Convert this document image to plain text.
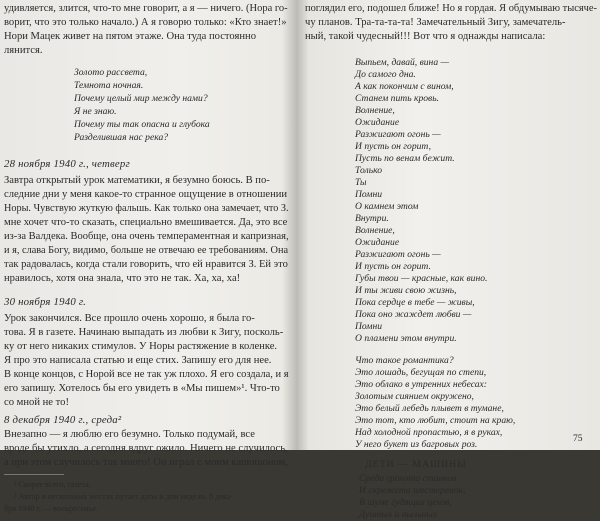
удивляется, злится, что-то мне говорит, а я — ничего. (Нора го-
ворит, что это только начало.) А я говорю только: «Кто знает!»
Нори Мацек живет на пятом этаже. Она туда постоянно
лянится.
Золото рассвета,
Темнота ночная.
Почему целый мир между нами?
Я не знаю.
Почему ты так опасна и глубока
Разделившая нас река?
28 ноября 1940 г., четверг
Завтра открытый урок математики, я безумно боюсь. В по-
следние дни у меня какое-то странное ощущение в отношении
Норы. Чувствую жуткую фальшь. Как только она замечает, что З.
мне хочет что-то сказать, специально вмешивается. Да, это все
из-за Валдека. Вообще, она очень темпераментная и капризная,
и я, слава Богу, видимо, больше не отвечаю ее требованиям. Она
так радовалась, когда стали говорить, что ей нравится З. Ей это
нравилось, хотя она знала, что это не так. Ха, ха, ха!
30 ноября 1940 г.
Урок закончился. Все прошло очень хорошо, я была го-
това. Я в газете. Начинаю выпадать из любви к Зигу, посколь-
ку от него никаких стимулов. У Норы растяжение в коленке.
Я про это написала статью и еще стих. Запишу его для нее.
В конце концов, с Норой все не так уж плохо. Я его создала, и я
его запишу. Хотелось бы его увидеть в «Мы пишем»¹. Что-то
со мной не то!
8 декабря 1940 г., среда²
Внезапно — я люблю его безумно. Только подумай, все
вроде бы утихло, а сегодня вдруг ожило. Ничего не случилось,
а при этом случилось так много! Он играл с моим капюшоном,
¹ Скорее всего, газета.
² Автор в нескольких местах путает даты и дни недели. 8 дека-
бря 1940 г. — воскресенье.
поглядил его, подошел ближе! Но я гордая. Я обдумываю тысяче-
чу планов. Тра-та-та-та! Замечательный Зигу, замечатель-
ный, такой чудесный!!! Вот что я однажды написала:
Выпьем, давай, вина —
До самого дна.
А как покончим с вином,
Станем пить кровь.
Волнение,
Ожидание
Разжигают огонь —
И пусть он горит,
Пусть по венам бежит.
Только
Ты
Помни
О камнем этом
Внутри.
Волнение,
Ожидание
Разжигают огонь —
И пусть он горит.
Губы твои — красные, как вино.
И ты живи свою жизнь,
Пока сердце в тебе — живы,
Пока оно жаждет любви —
Помни
О пламени этом внутри.
Что такое романтика?
Это лошадь, бегущая по степи,
Это облако в утренних небесах:
Золотым сиянием окружено,
Это белый лебедь плывет в тумане,
Это тот, кто любит, стоит на краю,
Над холодной пропастью, я в руках,
У него букет из багровых роз.
ДЕТИ — МАШИНЫ
Среди грохота станков
И скрежета шестеренок,
В шуме гудящих цехов,
Душных и пыльных
75
